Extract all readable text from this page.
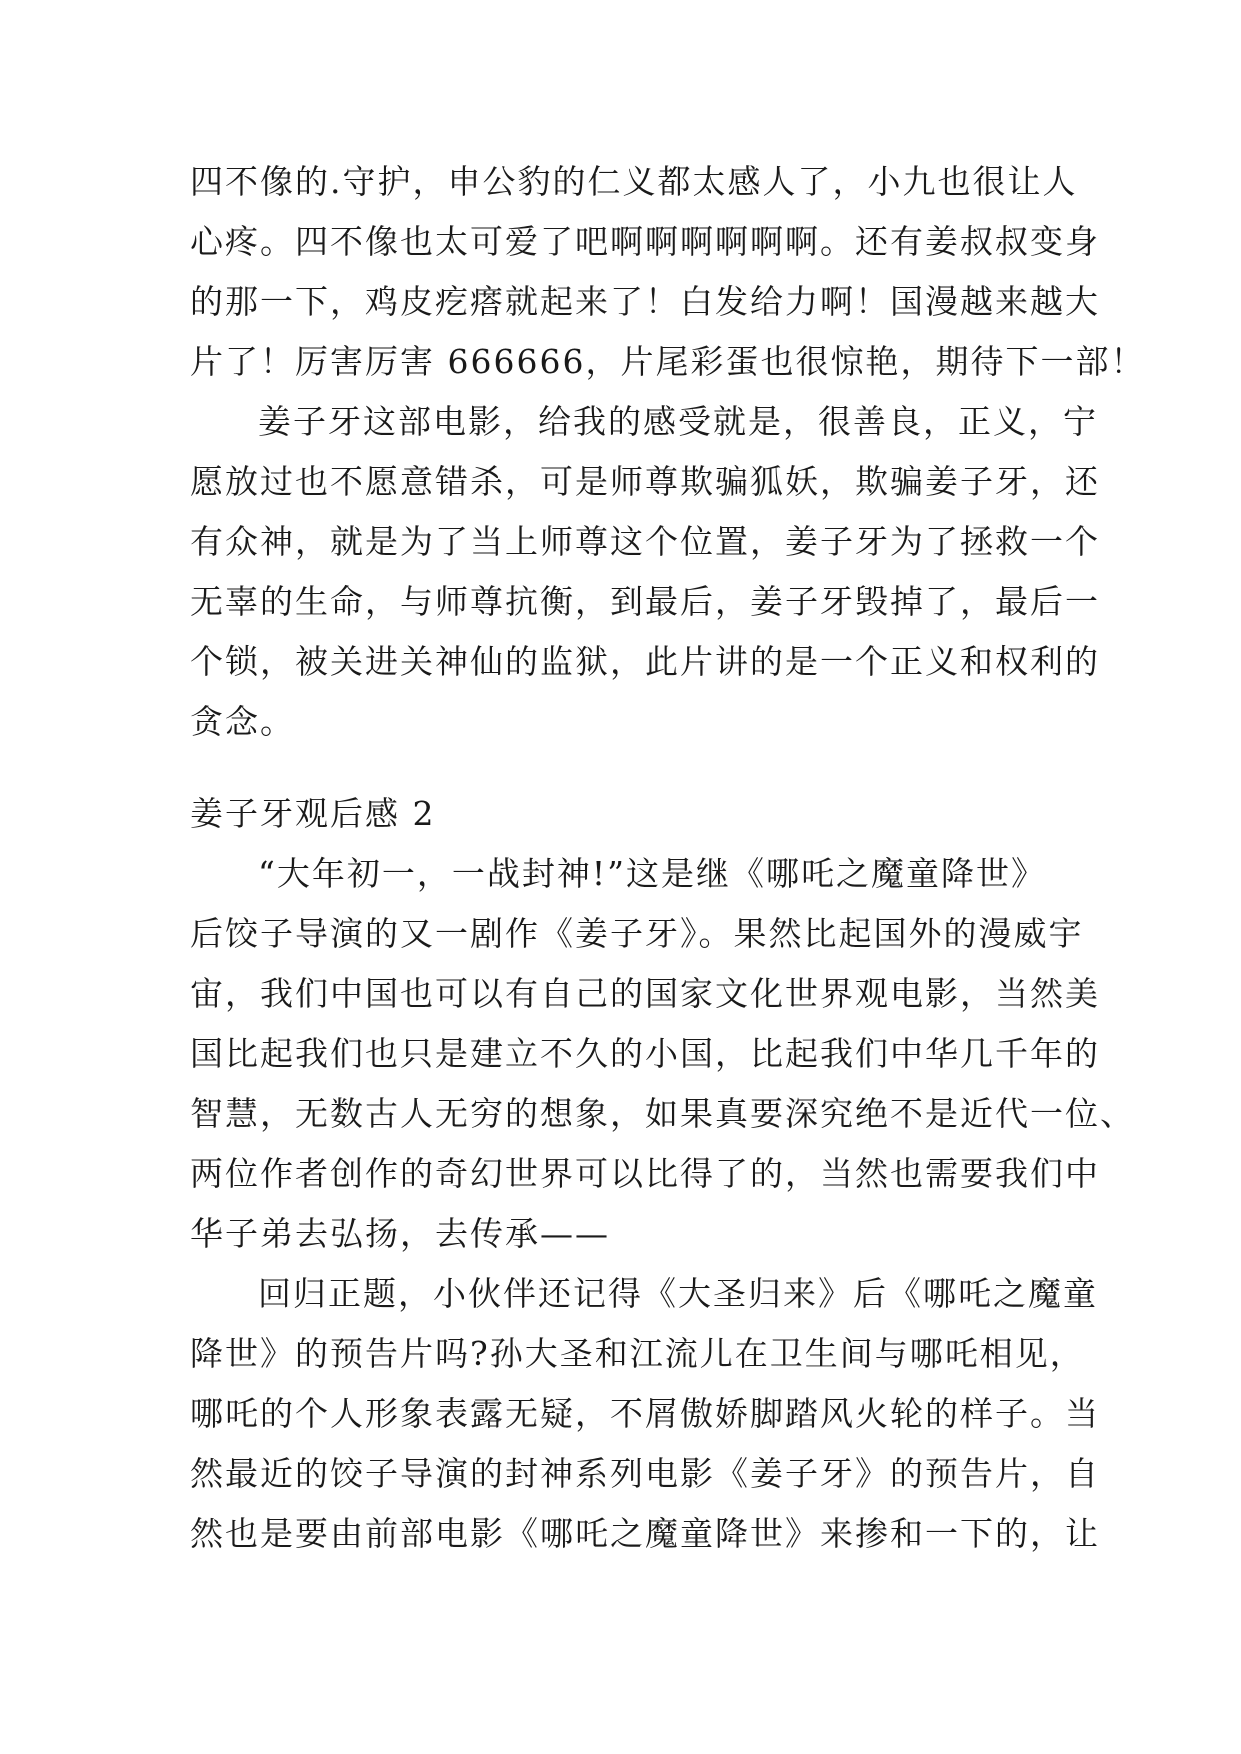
四不像的.守护，申公豹的仁义都太感人了，小九也很让人
心疼。四不像也太可爱了吧啊啊啊啊啊啊。还有姜叔叔变身
的那一下，鸡皮疙瘩就起来了！白发给力啊！国漫越来越大
片了！厉害厉害 666666，片尾彩蛋也很惊艳，期待下一部！
姜子牙这部电影，给我的感受就是，很善良，正义，宁
愿放过也不愿意错杀，可是师尊欺骗狐妖，欺骗姜子牙，还
有众神，就是为了当上师尊这个位置，姜子牙为了拯救一个
无辜的生命，与师尊抗衡，到最后，姜子牙毁掉了，最后一
个锁，被关进关神仙的监狱，此片讲的是一个正义和权利的
贪念。
姜子牙观后感 2
“大年初一，一战封神!”这是继《哪吒之魔童降世》
后饺子导演的又一剧作《姜子牙》。果然比起国外的漫威宇
宙，我们中国也可以有自己的国家文化世界观电影，当然美
国比起我们也只是建立不久的小国，比起我们中华几千年的
智慧，无数古人无穷的想象，如果真要深究绝不是近代一位、
两位作者创作的奇幻世界可以比得了的，当然也需要我们中
华子弟去弘扬，去传承——
回归正题，小伙伴还记得《大圣归来》后《哪吒之魔童
降世》的预告片吗?孙大圣和江流儿在卫生间与哪吒相见，
哪吒的个人形象表露无疑，不屑傲娇脚踏风火轮的样子。当
然最近的饺子导演的封神系列电影《姜子牙》的预告片，自
然也是要由前部电影《哪吒之魔童降世》来掺和一下的，让
